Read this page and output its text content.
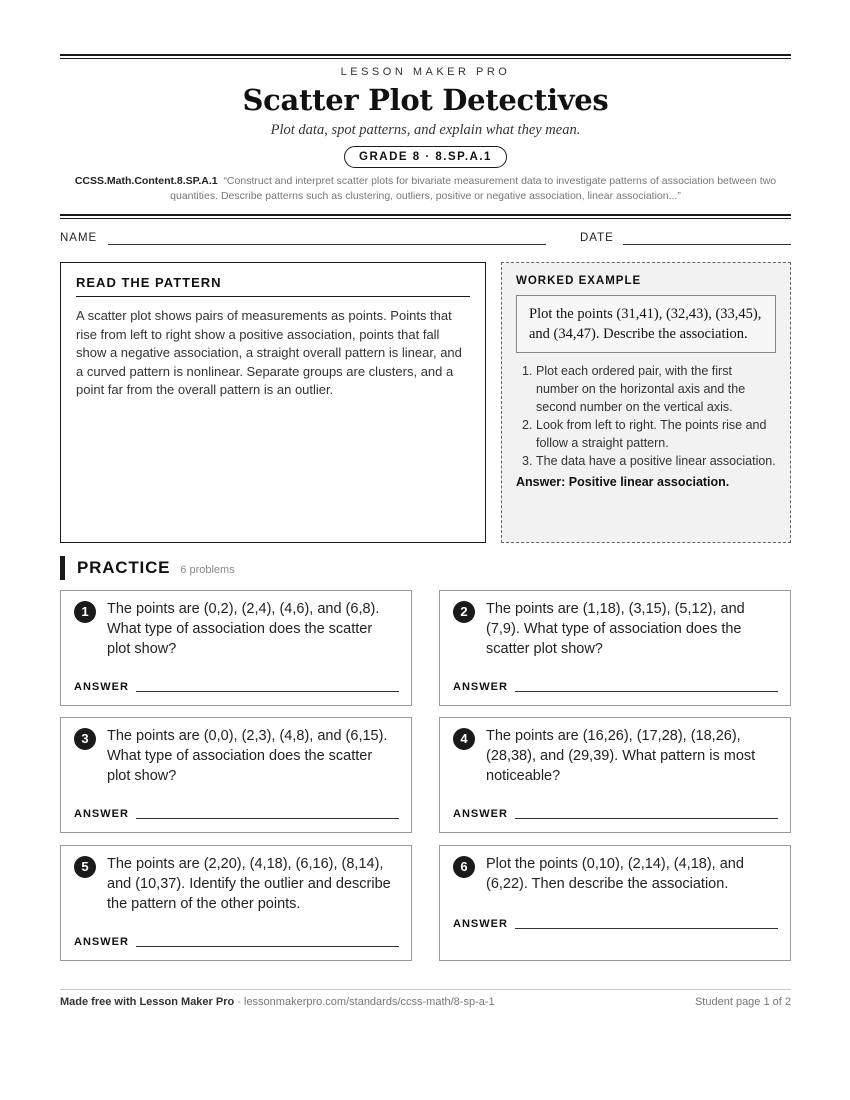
LESSON MAKER PRO
Scatter Plot Detectives
Plot data, spot patterns, and explain what they mean.
GRADE 8 · 8.SP.A.1
CCSS.Math.Content.8.SP.A.1 “Construct and interpret scatter plots for bivariate measurement data to investigate patterns of association between two quantities. Describe patterns such as clustering, outliers, positive or negative association, linear association...”
NAME	DATE
READ THE PATTERN

A scatter plot shows pairs of measurements as points. Points that rise from left to right show a positive association, points that fall show a negative association, a straight overall pattern is linear, and a curved pattern is nonlinear. Separate groups are clusters, and a point far from the overall pattern is an outlier.

WORKED EXAMPLE
Plot the points (31,41), (32,43), (33,45), and (34,47). Describe the association.
1. Plot each ordered pair, with the first number on the horizontal axis and the second number on the vertical axis.
2. Look from left to right. The points rise and follow a straight pattern.
3. The data have a positive linear association.
Answer: Positive linear association.
PRACTICE 6 problems
1	The points are (0,2), (2,4), (4,6), and (6,8). What type of association does the scatter plot show?
ANSWER
2	The points are (1,18), (3,15), (5,12), and (7,9). What type of association does the scatter plot show?
ANSWER
3	The points are (0,0), (2,3), (4,8), and (6,15). What type of association does the scatter plot show?
ANSWER
4	The points are (16,26), (17,28), (18,26), (28,38), and (29,39). What pattern is most noticeable?
ANSWER
5	The points are (2,20), (4,18), (6,16), (8,14), and (10,37). Identify the outlier and describe the pattern of the other points.
ANSWER
6	Plot the points (0,10), (2,14), (4,18), and (6,22). Then describe the association.
ANSWER
Made free with Lesson Maker Pro · lessonmakerpro.com/standards/ccss-math/8-sp-a-1	Student page 1 of 2
